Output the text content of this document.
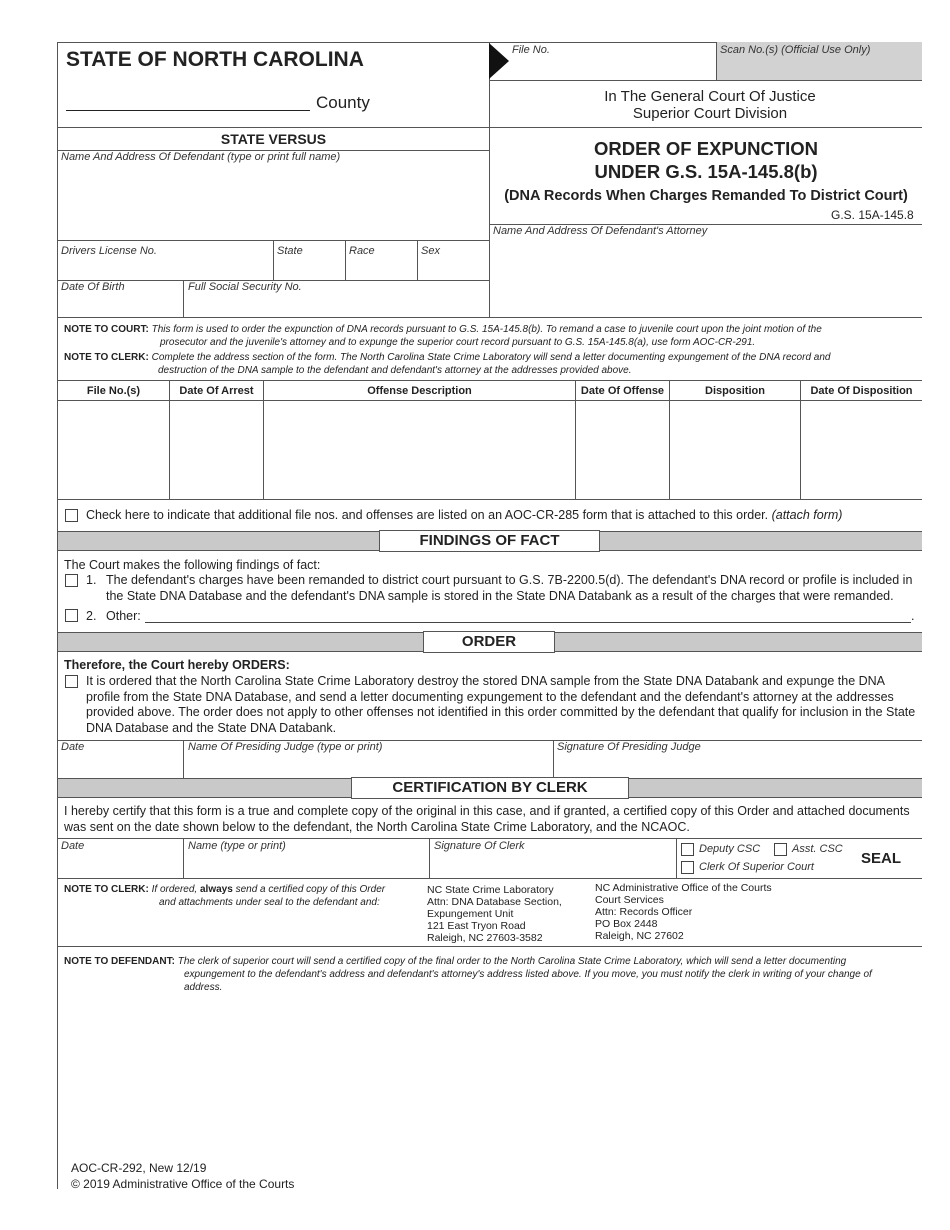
STATE OF NORTH CAROLINA
County
File No.	Scan No.(s) (Official Use Only)
In The General Court Of Justice
Superior Court Division
STATE VERSUS
Name And Address Of Defendant (type or print full name)
Drivers License No.	State	Race	Sex
Date Of Birth	Full Social Security No.
ORDER OF EXPUNCTION
UNDER G.S. 15A-145.8(b)
(DNA Records When Charges Remanded To District Court)
G.S. 15A-145.8
Name And Address Of Defendant's Attorney
NOTE TO COURT: This form is used to order the expunction of DNA records pursuant to G.S. 15A-145.8(b). To remand a case to juvenile court upon the joint motion of the
prosecutor and the juvenile's attorney and to expunge the superior court record pursuant to G.S. 15A-145.8(a), use form AOC-CR-291.
NOTE TO CLERK: Complete the address section of the form. The North Carolina State Crime Laboratory will send a letter documenting expungement of the DNA record and
destruction of the DNA sample to the defendant and defendant's attorney at the addresses provided above.
File No.(s)	Date Of Arrest	Offense Description	Date Of Offense	Disposition	Date Of Disposition
Check here to indicate that additional file nos. and offenses are listed on an AOC-CR-285 form that is attached to this order. (attach form)
FINDINGS OF FACT
The Court makes the following findings of fact:
1. The defendant's charges have been remanded to district court pursuant to G.S. 7B-2200.5(d). The defendant's DNA record or profile is included in
the State DNA Database and the defendant's DNA sample is stored in the State DNA Databank as a result of the charges that were remanded.
2. Other:	.
ORDER
Therefore, the Court hereby ORDERS:
It is ordered that the North Carolina State Crime Laboratory destroy the stored DNA sample from the State DNA Databank and expunge the DNA
profile from the State DNA Database, and send a letter documenting expungement to the defendant and the defendant's attorney at the addresses
provided above. The order does not apply to other offenses not identified in this order committed by the defendant that qualify for inclusion in the State
DNA Database and the State DNA Databank.
Date	Name Of Presiding Judge (type or print)	Signature Of Presiding Judge
CERTIFICATION BY CLERK
I hereby certify that this form is a true and complete copy of the original in this case, and if granted, a certified copy of this Order and attached documents
was sent on the date shown below to the defendant, the North Carolina State Crime Laboratory, and the NCAOC.
Date	Name (type or print)	Signature Of Clerk	Deputy CSC	Asst. CSC
Clerk Of Superior Court	SEAL
NOTE TO CLERK: If ordered, always send a certified copy of this Order
and attachments under seal to the defendant and:
NC State Crime Laboratory
Attn: DNA Database Section,
Expungement Unit
121 East Tryon Road
Raleigh, NC 27603-3582
NC Administrative Office of the Courts
Court Services
Attn: Records Officer
PO Box 2448
Raleigh, NC 27602
NOTE TO DEFENDANT: The clerk of superior court will send a certified copy of the final order to the North Carolina State Crime Laboratory, which will send a letter documenting
expungement to the defendant's address and defendant's attorney's address listed above. If you move, you must notify the clerk in writing of your change of
address.
AOC-CR-292, New 12/19
© 2019 Administrative Office of the Courts
